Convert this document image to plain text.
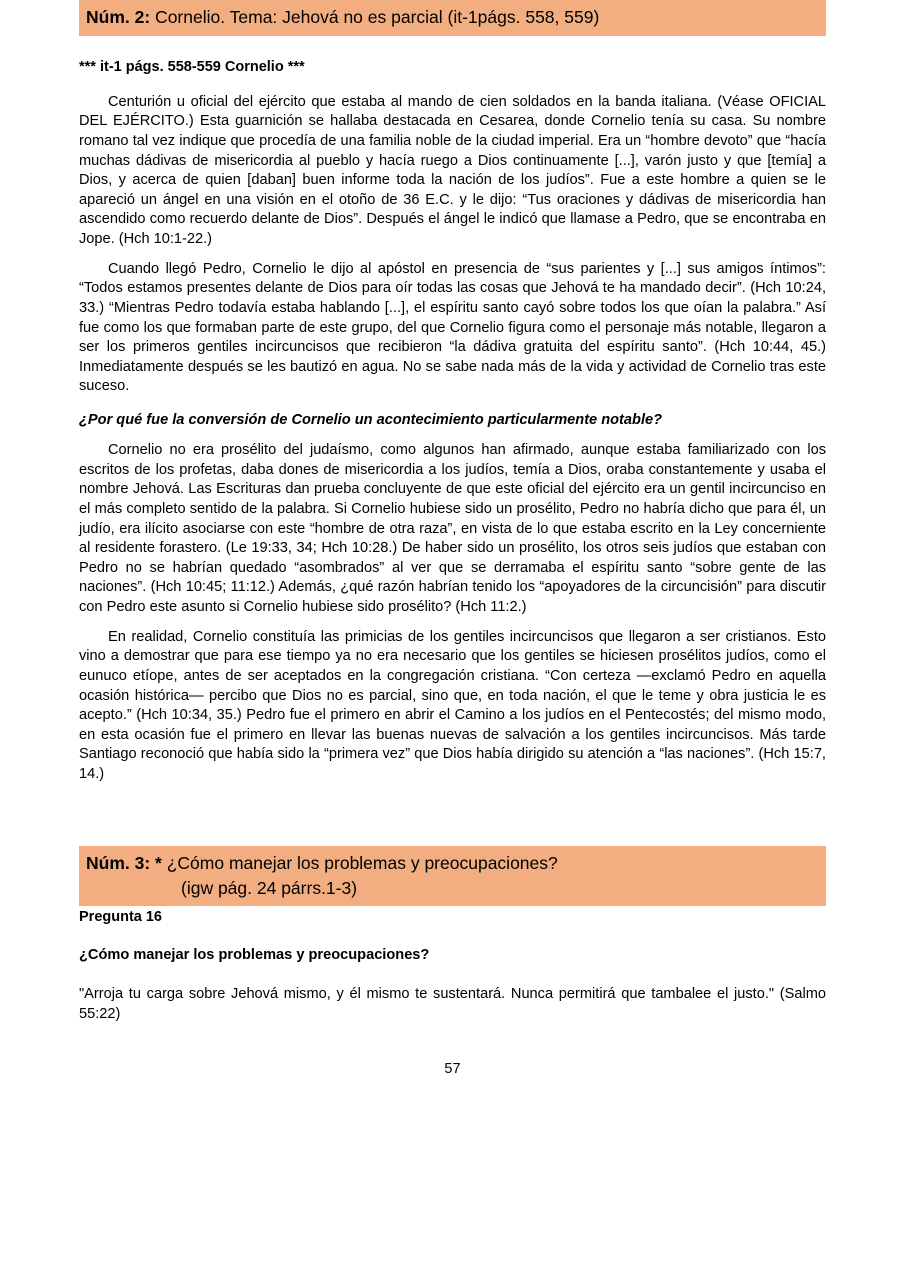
Núm. 2: Cornelio. Tema: Jehová no es parcial (it-1págs. 558, 559)
*** it-1 págs. 558-559 Cornelio ***

Centurión u oficial del ejército que estaba al mando de cien soldados en la banda italiana. (Véase OFICIAL DEL EJÉRCITO.) Esta guarnición se hallaba destacada en Cesarea, donde Cornelio tenía su casa. Su nombre romano tal vez indique que procedía de una familia noble de la ciudad imperial. Era un “hombre devoto” que “hacía muchas dádivas de misericordia al pueblo y hacía ruego a Dios continuamente [...], varón justo y que [temía] a Dios, y acerca de quien [daban] buen informe toda la nación de los judíos”. Fue a este hombre a quien se le apareció un ángel en una visión en el otoño de 36 E.C. y le dijo: “Tus oraciones y dádivas de misericordia han ascendido como recuerdo delante de Dios”. Después el ángel le indicó que llamase a Pedro, que se encontraba en Jope. (Hch 10:1-22.)

Cuando llegó Pedro, Cornelio le dijo al apóstol en presencia de “sus parientes y [...] sus amigos íntimos”: “Todos estamos presentes delante de Dios para oír todas las cosas que Jehová te ha mandado decir”. (Hch 10:24, 33.) “Mientras Pedro todavía estaba hablando [...], el espíritu santo cayó sobre todos los que oían la palabra.” Así fue como los que formaban parte de este grupo, del que Cornelio figura como el personaje más notable, llegaron a ser los primeros gentiles incircuncisos que recibieron “la dádiva gratuita del espíritu santo”. (Hch 10:44, 45.) Inmediatamente después se les bautizó en agua. No se sabe nada más de la vida y actividad de Cornelio tras este suceso.

¿Por qué fue la conversión de Cornelio un acontecimiento particularmente notable?

Cornelio no era prosélito del judaísmo, como algunos han afirmado, aunque estaba familiarizado con los escritos de los profetas, daba dones de misericordia a los judíos, temía a Dios, oraba constantemente y usaba el nombre Jehová. Las Escrituras dan prueba concluyente de que este oficial del ejército era un gentil incircunciso en el más completo sentido de la palabra. Si Cornelio hubiese sido un prosélito, Pedro no habría dicho que para él, un judío, era ilícito asociarse con este “hombre de otra raza”, en vista de lo que estaba escrito en la Ley concerniente al residente forastero. (Le 19:33, 34; Hch 10:28.) De haber sido un prosélito, los otros seis judíos que estaban con Pedro no se habrían quedado “asombrados” al ver que se derramaba el espíritu santo “sobre gente de las naciones”. (Hch 10:45; 11:12.) Además, ¿qué razón habrían tenido los “apoyadores de la circuncisión” para discutir con Pedro este asunto si Cornelio hubiese sido prosélito? (Hch 11:2.)

En realidad, Cornelio constituía las primicias de los gentiles incircuncisos que llegaron a ser cristianos. Esto vino a demostrar que para ese tiempo ya no era necesario que los gentiles se hiciesen prosélitos judíos, como el eunuco etíope, antes de ser aceptados en la congregación cristiana. “Con certeza —exclamó Pedro en aquella ocasión histórica— percibo que Dios no es parcial, sino que, en toda nación, el que le teme y obra justicia le es acepto.” (Hch 10:34, 35.) Pedro fue el primero en abrir el Camino a los judíos en el Pentecostés; del mismo modo, en esta ocasión fue el primero en llevar las buenas nuevas de salvación a los gentiles incircuncisos. Más tarde Santiago reconoció que había sido la “primera vez” que Dios había dirigido su atención a “las naciones”. (Hch 15:7, 14.)

Núm. 3: * ¿Cómo manejar los problemas y preocupaciones?
(igw pág. 24 párrs.1-3)
Pregunta 16
¿Cómo manejar los problemas y preocupaciones?

"Arroja tu carga sobre Jehová mismo, y él mismo te sustentará. Nunca permitirá que tambalee el justo." (Salmo 55:22)

57
